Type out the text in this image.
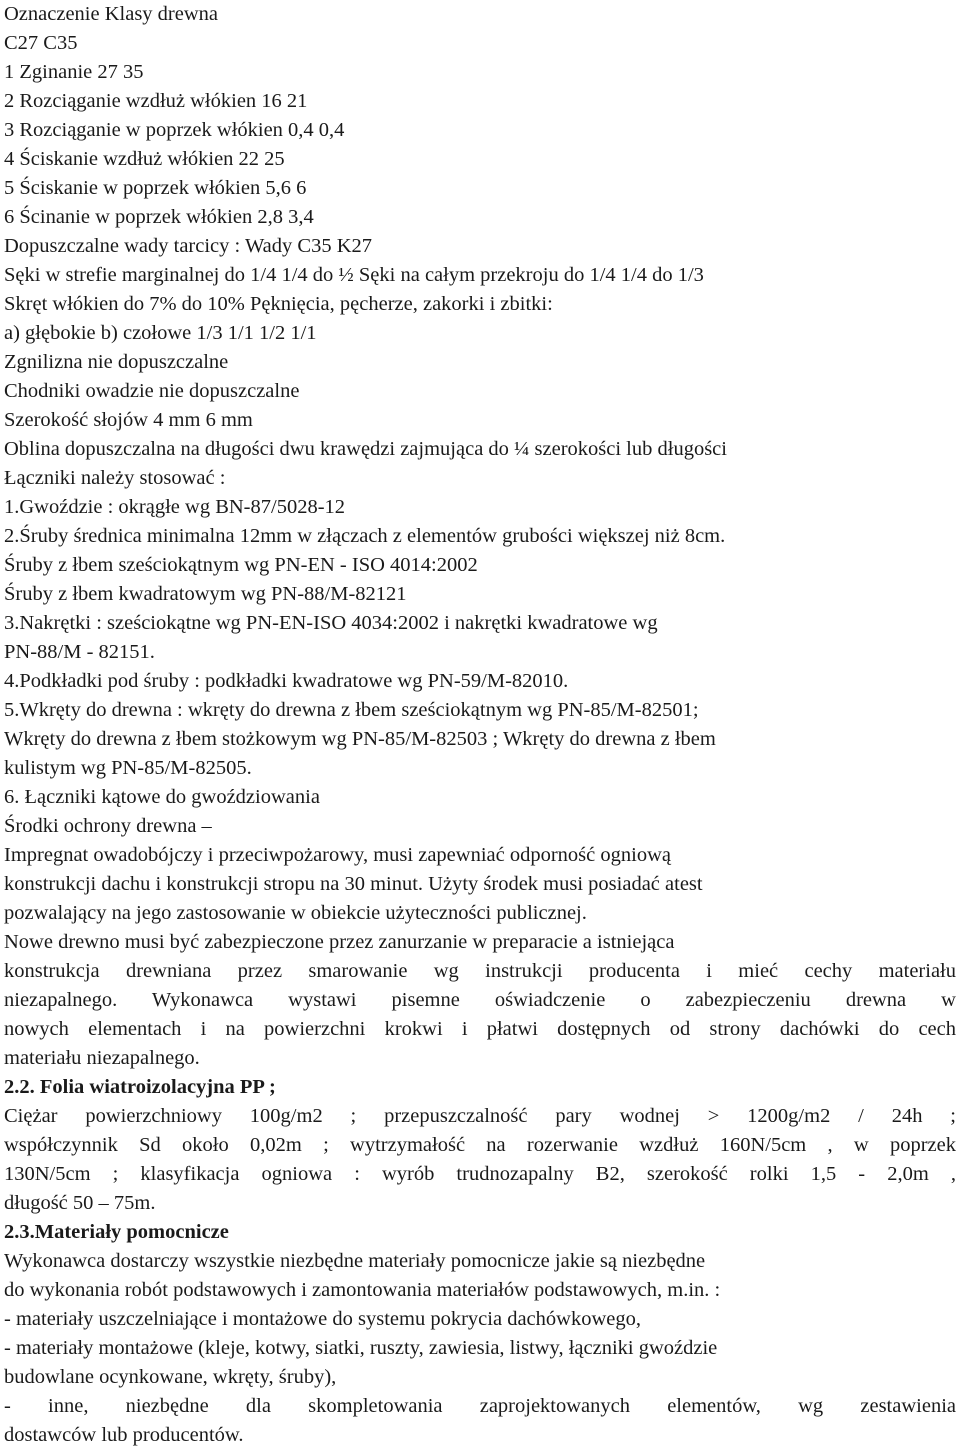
Oznaczenie Klasy drewna
C27 C35
1 Zginanie 27 35
2 Rozciąganie wzdłuż włókien 16 21
3 Rozciąganie w poprzek włókien 0,4 0,4
4 Ściskanie wzdłuż włókien 22 25
5 Ściskanie w poprzek włókien 5,6 6
6 Ścinanie w poprzek włókien 2,8 3,4
Dopuszczalne wady tarcicy : Wady C35 K27
Sęki w strefie marginalnej do 1/4 1/4 do ½ Sęki na całym przekroju do 1/4 1/4 do 1/3
Skręt włókien do 7% do 10% Pęknięcia, pęcherze, zakorki i zbitki:
a) głębokie b) czołowe 1/3 1/1 1/2 1/1
Zgnilizna nie dopuszczalne
Chodniki owadzie nie dopuszczalne
Szerokość słojów 4 mm 6 mm
Oblina dopuszczalna na długości dwu krawędzi zajmująca do ¼ szerokości lub długości
Łączniki należy stosować :
1.Gwoździe : okrągłe wg BN-87/5028-12
2.Śruby średnica minimalna 12mm w złączach z elementów grubości większej niż 8cm.
Śruby z łbem sześciokątnym wg PN-EN - ISO 4014:2002
Śruby z łbem kwadratowym wg PN-88/M-82121
3.Nakrętki : sześciokątne wg PN-EN-ISO 4034:2002 i nakrętki kwadratowe wg
PN-88/M - 82151.
4.Podkładki pod śruby : podkładki kwadratowe wg PN-59/M-82010.
5.Wkręty do drewna : wkręty do drewna z łbem sześciokątnym wg PN-85/M-82501;
Wkręty do drewna z łbem stożkowym wg PN-85/M-82503 ; Wkręty do drewna z łbem
kulistym wg PN-85/M-82505.
6. Łączniki kątowe do gwoździowania
Środki ochrony drewna –
Impregnat owadobójczy i przeciwpożarowy, musi zapewniać odporność ogniową
konstrukcji dachu i konstrukcji stropu na 30 minut. Użyty środek musi posiadać atest
pozwalający na jego zastosowanie w obiekcie użyteczności publicznej.
Nowe drewno musi być zabezpieczone przez zanurzanie w preparacie a istniejąca
konstrukcja drewniana przez smarowanie wg instrukcji producenta i mieć cechy materiału
niezapalnego. Wykonawca wystawi pisemne oświadczenie o zabezpieczeniu drewna w
nowych elementach i na powierzchni krokwi i płatwi dostępnych od strony dachówki do cech
materiału niezapalnego.
2.2. Folia wiatroizolacyjna PP ;
Ciężar powierzchniowy 100g/m2 ; przepuszczalność pary wodnej > 1200g/m2 / 24h ;
współczynnik Sd około 0,02m ; wytrzymałość na rozerwanie wzdłuż 160N/5cm , w poprzek
130N/5cm ; klasyfikacja ogniowa : wyrób trudnozapalny B2, szerokość rolki 1,5 - 2,0m ,
długość 50 – 75m.
2.3.Materiały pomocnicze
Wykonawca dostarczy wszystkie niezbędne materiały pomocnicze jakie są niezbędne
do wykonania robót podstawowych i zamontowania materiałów podstawowych, m.in. :
- materiały uszczelniające i montażowe do systemu pokrycia dachówkowego,
- materiały montażowe (kleje, kotwy, siatki, ruszty, zawiesia, listwy, łączniki gwoździe
budowlane ocynkowane, wkręty, śruby),
- inne, niezbędne dla skompletowania zaprojektowanych elementów, wg zestawienia
dostawców lub producentów.
